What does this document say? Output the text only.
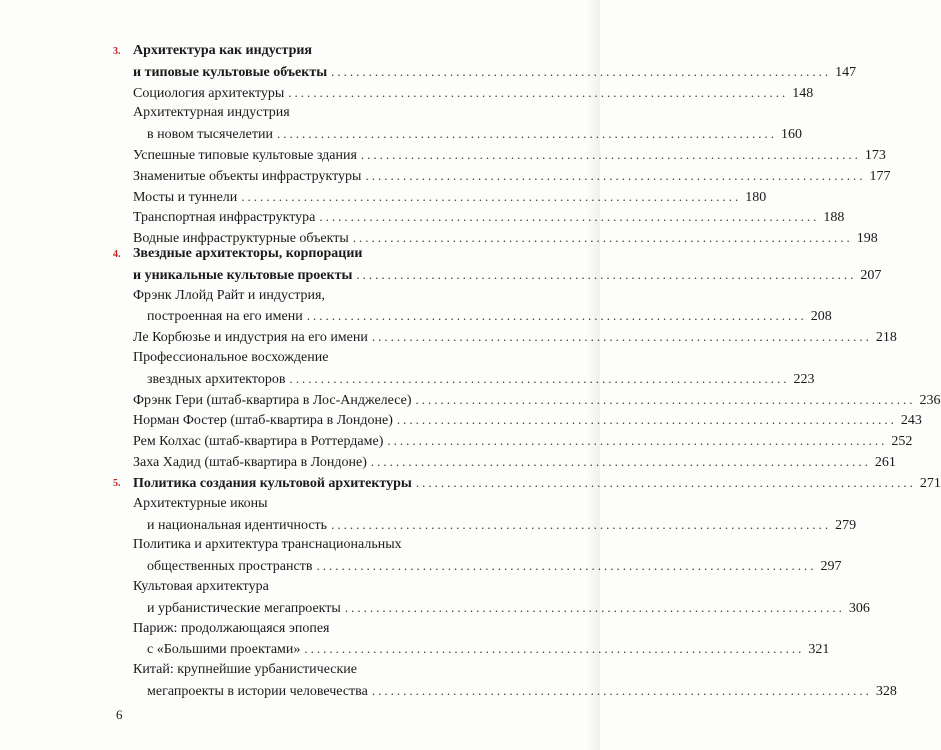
3. Архитектура как индустрия
и типовые культовые объекты ................................................................................ 147
Социология архитектуры ................................................................................ 148
Архитектурная индустрия
в новом тысячелетии ................................................................................ 160
Успешные типовые культовые здания ................................................................................ 173
Знаменитые объекты инфраструктуры ................................................................................ 177
Мосты и туннели ................................................................................ 180
Транспортная инфраструктура ................................................................................ 188
Водные инфраструктурные объекты ................................................................................ 198
4. Звездные архитекторы, корпорации
и уникальные культовые проекты ................................................................................ 207
Фрэнк Ллойд Райт и индустрия,
построенная на его имени ................................................................................ 208
Ле Корбюзье и индустрия на его имени ................................................................................ 218
Профессиональное восхождение
звездных архитекторов ................................................................................ 223
Фрэнк Гери (штаб-квартира в Лос-Анджелесе) ................................................................................ 236
Норман Фостер (штаб-квартира в Лондоне) ................................................................................ 243
Рем Колхас (штаб-квартира в Роттердаме) ................................................................................ 252
Заха Хадид (штаб-квартира в Лондоне) ................................................................................ 261
5. Политика создания культовой архитектуры ................................................................................ 271
Архитектурные иконы
и национальная идентичность ................................................................................ 279
Политика и архитектура транснациональных
общественных пространств ................................................................................ 297
Культовая архитектура
и урбанистические мегапроекты ................................................................................ 306
Париж: продолжающаяся эпопея
с «Большими проектами» ................................................................................ 321
Китай: крупнейшие урбанистические
мегапроекты в истории человечества ................................................................................ 328
6
